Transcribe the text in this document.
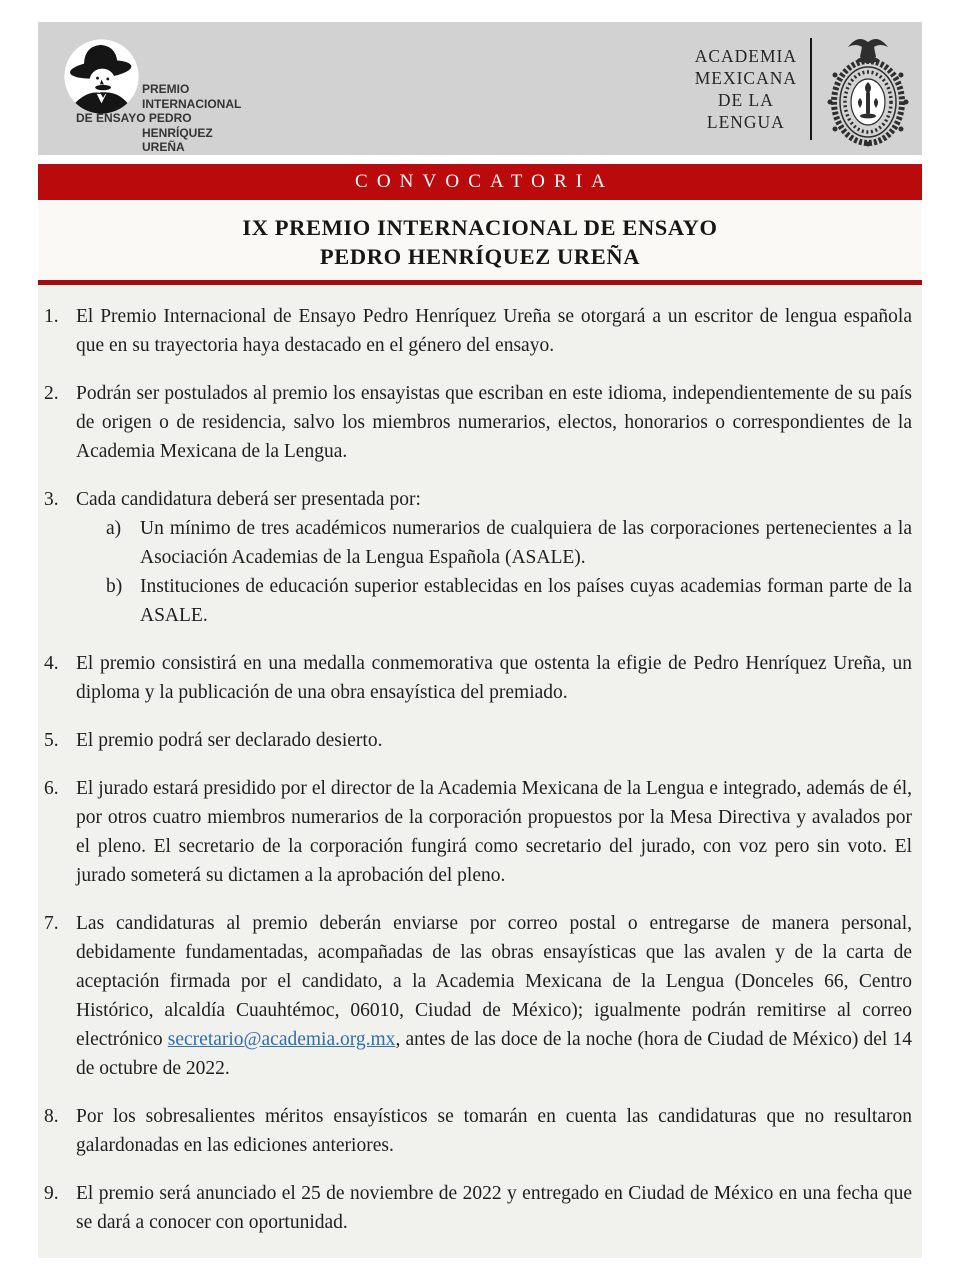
PREMIO
INTERNACIONAL
DE ENSAYO PEDRO
HENRÍQUEZ
UREÑA
ACADEMIA
MEXICANA
DE LA
LENGUA
CONVOCATORIA
IX PREMIO INTERNACIONAL DE ENSAYO
PEDRO HENRÍQUEZ UREÑA
1. El Premio Internacional de Ensayo Pedro Henríquez Ureña se otorgará a un escritor de lengua española que en su trayectoria haya destacado en el género del ensayo.
2. Podrán ser postulados al premio los ensayistas que escriban en este idioma, independientemente de su país de origen o de residencia, salvo los miembros numerarios, electos, honorarios o correspondientes de la Academia Mexicana de la Lengua.
3. Cada candidatura deberá ser presentada por:
a) Un mínimo de tres académicos numerarios de cualquiera de las corporaciones pertenecientes a la Asociación Academias de la Lengua Española (ASALE).
b) Instituciones de educación superior establecidas en los países cuyas academias forman parte de la ASALE.
4. El premio consistirá en una medalla conmemorativa que ostenta la efigie de Pedro Henríquez Ureña, un diploma y la publicación de una obra ensayística del premiado.
5. El premio podrá ser declarado desierto.
6. El jurado estará presidido por el director de la Academia Mexicana de la Lengua e integrado, además de él, por otros cuatro miembros numerarios de la corporación propuestos por la Mesa Directiva y avalados por el pleno. El secretario de la corporación fungirá como secretario del jurado, con voz pero sin voto. El jurado someterá su dictamen a la aprobación del pleno.
7. Las candidaturas al premio deberán enviarse por correo postal o entregarse de manera personal, debidamente fundamentadas, acompañadas de las obras ensayísticas que las avalen y de la carta de aceptación firmada por el candidato, a la Academia Mexicana de la Lengua (Donceles 66, Centro Histórico, alcaldía Cuauhtémoc, 06010, Ciudad de México); igualmente podrán remitirse al correo electrónico secretario@academia.org.mx, antes de las doce de la noche (hora de Ciudad de México) del 14 de octubre de 2022.
8. Por los sobresalientes méritos ensayísticos se tomarán en cuenta las candidaturas que no resultaron galardonadas en las ediciones anteriores.
9. El premio será anunciado el 25 de noviembre de 2022 y entregado en Ciudad de México en una fecha que se dará a conocer con oportunidad.
